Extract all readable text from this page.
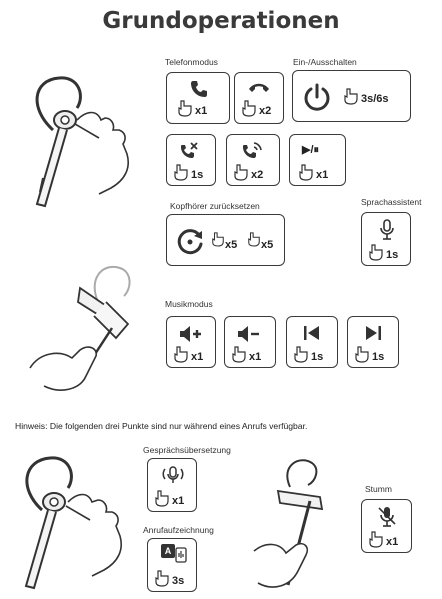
Grundoperationen
Telefonmodus	Ein-/Ausschalten
Kopfhörer zurücksetzen	Sprachassistent
Musikmodus
Gesprächsübersetzung
Anrufaufzeichnung
Stumm
Hinweis: Die folgenden drei Punkte sind nur während eines Anrufs verfügbar.
x1	x2
3s/6s
1s	x2
▶/⏸
x1
x5 x5
1s
x1	x1	1s	1s
x1
A
3s
x1
